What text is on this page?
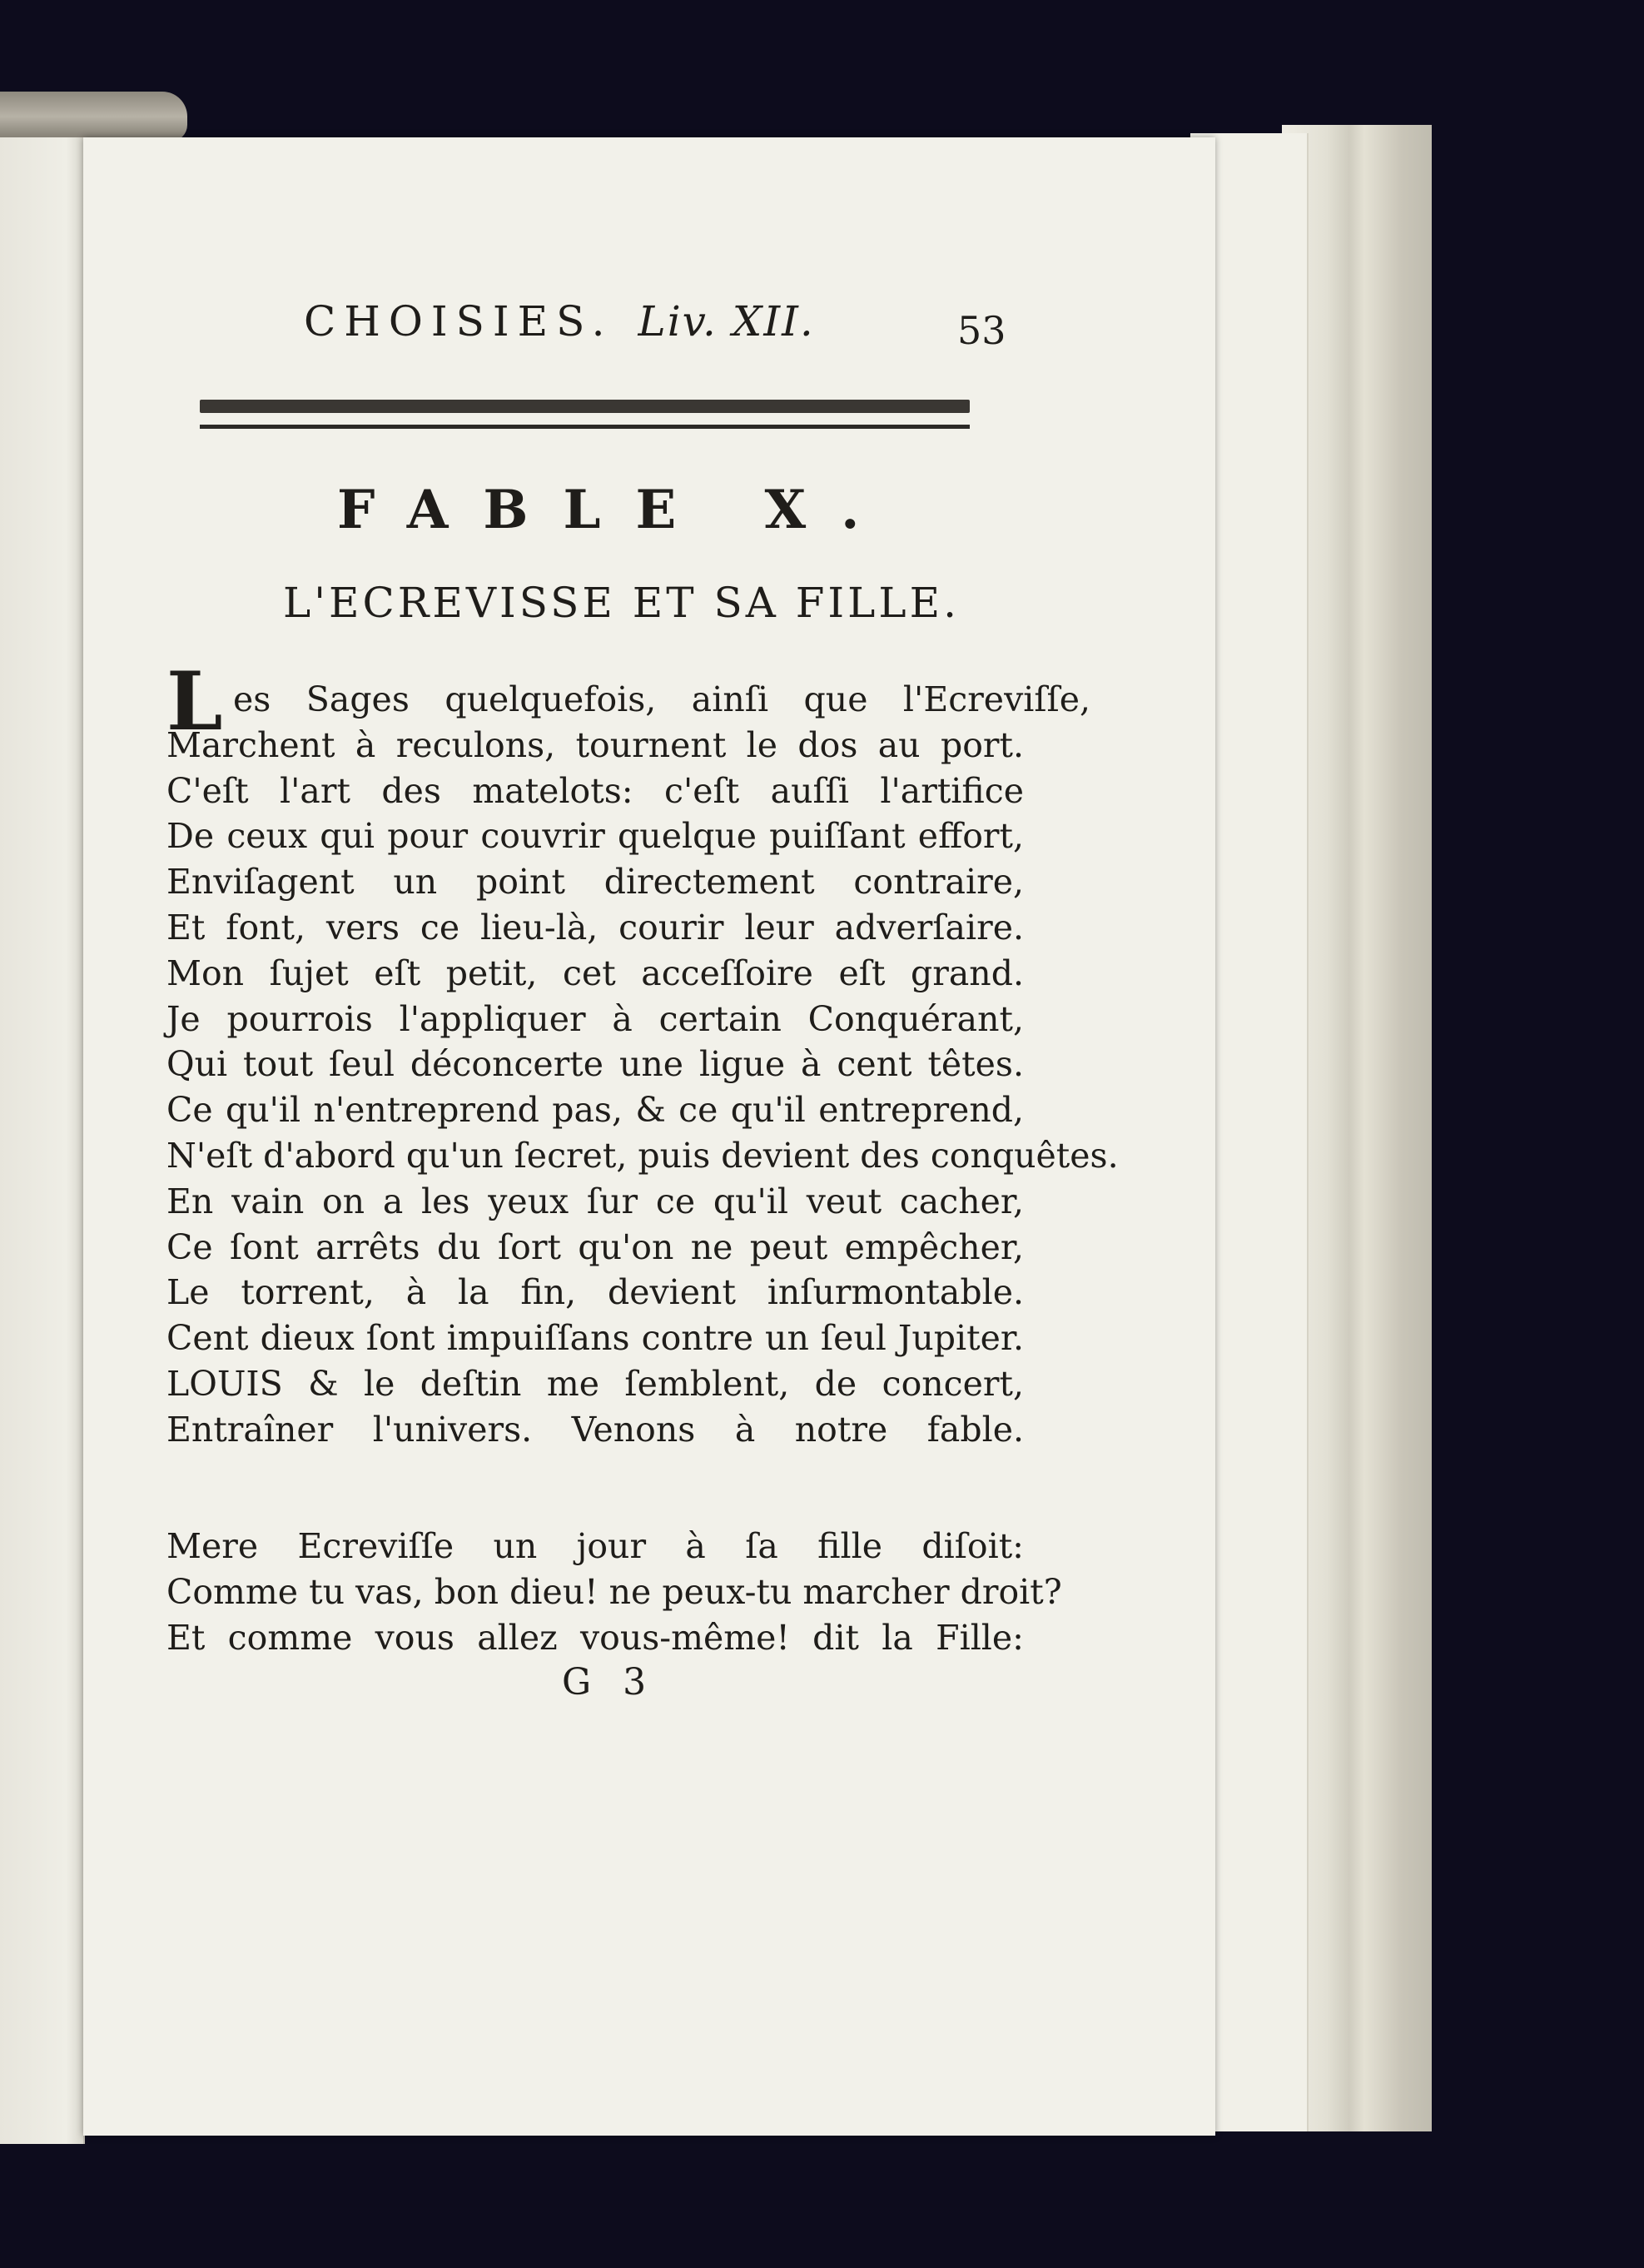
CHOISIES. Liv. XII.	53
FABLE X.
L'ECREVISSE ET SA FILLE.
L es Sages quelquefois, ainſi que l'Ecreviſſe,
Marchent à reculons, tournent le dos au port.
C'eſt l'art des matelots: c'eſt auſſi l'artifice
De ceux qui pour couvrir quelque puiſſant effort,
Enviſagent un point directement contraire,
Et font, vers ce lieu-là, courir leur adverſaire.
Mon ſujet eſt petit, cet acceſſoire eſt grand.
Je pourrois l'appliquer à certain Conquérant,
Qui tout ſeul déconcerte une ligue à cent têtes.
Ce qu'il n'entreprend pas, & ce qu'il entreprend,
N'eſt d'abord qu'un ſecret, puis devient des conquêtes.
En vain on a les yeux ſur ce qu'il veut cacher,
Ce ſont arrêts du ſort qu'on ne peut empêcher,
Le torrent, à la fin, devient inſurmontable.
Cent dieux ſont impuiſſans contre un ſeul Jupiter.
LOUIS & le deſtin me ſemblent, de concert,
Entraîner l'univers. Venons à notre fable.
Mere Ecreviſſe un jour à ſa fille diſoit:
Comme tu vas, bon dieu! ne peux-tu marcher droit?
Et comme vous allez vous-même! dit la Fille:
G 3
